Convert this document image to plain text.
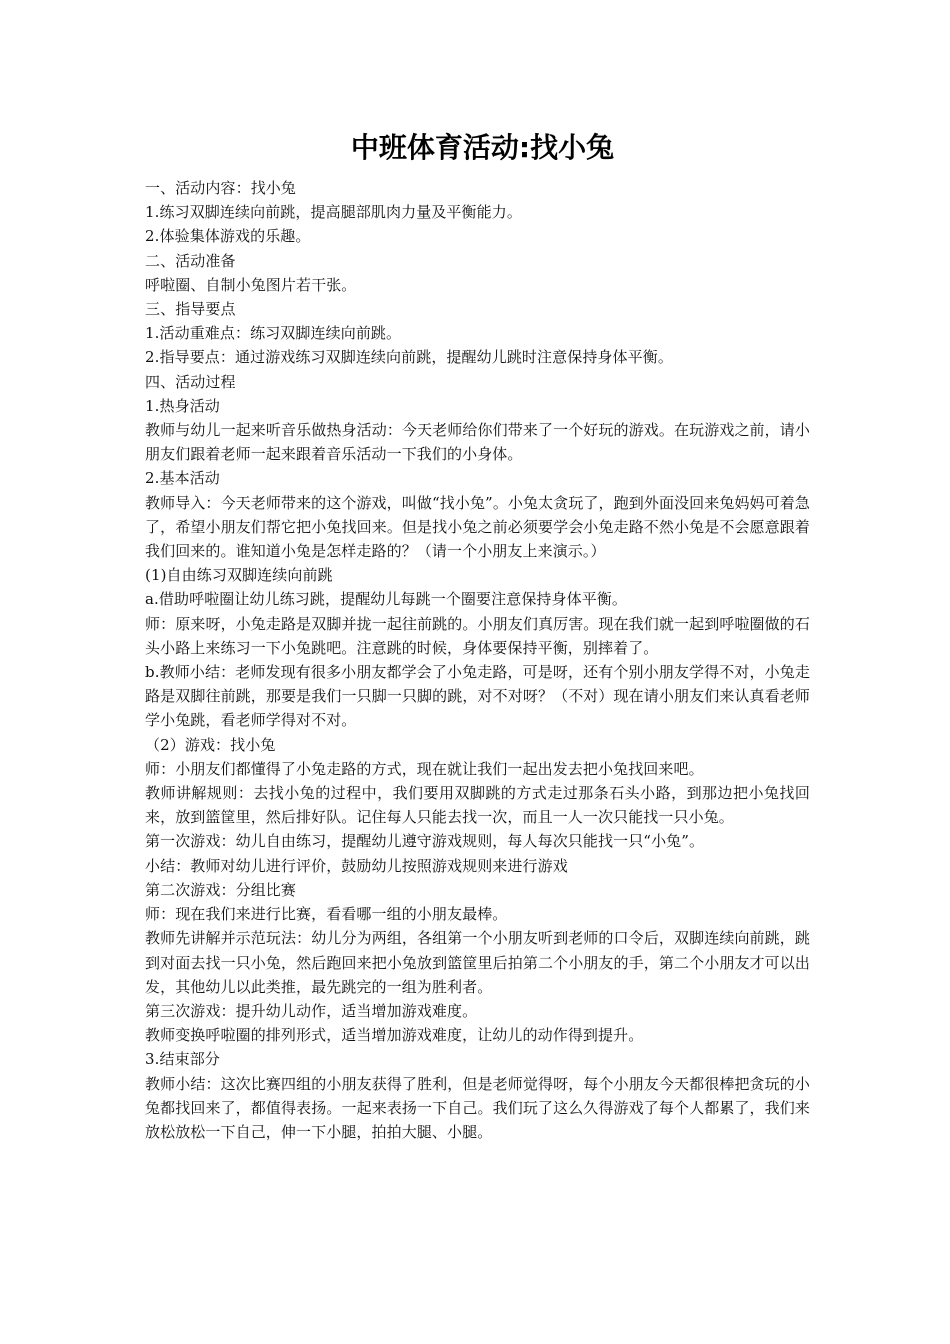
中班体育活动:找小兔

一、活动内容：找小兔

1.练习双脚连续向前跳，提高腿部肌肉力量及平衡能力。

2.体验集体游戏的乐趣。

二、活动准备

呼啦圈、自制小兔图片若干张。

三、指导要点

1.活动重难点：练习双脚连续向前跳。

2.指导要点：通过游戏练习双脚连续向前跳，提醒幼儿跳时注意保持身体平衡。

四、活动过程

1.热身活动

教师与幼儿一起来听音乐做热身活动：今天老师给你们带来了一个好玩的游戏。在玩游戏之前，请小朋友们跟着老师一起来跟着音乐活动一下我们的小身体。

2.基本活动

教师导入：今天老师带来的这个游戏，叫做“找小兔”。小兔太贪玩了，跑到外面没回来兔妈妈可着急了，希望小朋友们帮它把小兔找回来。但是找小兔之前必须要学会小兔走路不然小兔是不会愿意跟着我们回来的。谁知道小兔是怎样走路的？（请一个小朋友上来演示。）

(1)自由练习双脚连续向前跳

a.借助呼啦圈让幼儿练习跳，提醒幼儿每跳一个圈要注意保持身体平衡。

师：原来呀，小兔走路是双脚并拢一起往前跳的。小朋友们真厉害。现在我们就一起到呼啦圈做的石头小路上来练习一下小兔跳吧。注意跳的时候，身体要保持平衡，别摔着了。

b.教师小结：老师发现有很多小朋友都学会了小兔走路，可是呀，还有个别小朋友学得不对，小兔走路是双脚往前跳，那要是我们一只脚一只脚的跳，对不对呀？（不对）现在请小朋友们来认真看老师学小兔跳，看老师学得对不对。

（2）游戏：找小兔

师：小朋友们都懂得了小兔走路的方式，现在就让我们一起出发去把小兔找回来吧。

教师讲解规则：去找小兔的过程中，我们要用双脚跳的方式走过那条石头小路，到那边把小兔找回来，放到篮筐里，然后排好队。记住每人只能去找一次，而且一人一次只能找一只小兔。

第一次游戏：幼儿自由练习，提醒幼儿遵守游戏规则，每人每次只能找一只“小兔”。

小结：教师对幼儿进行评价，鼓励幼儿按照游戏规则来进行游戏

第二次游戏：分组比赛

师：现在我们来进行比赛，看看哪一组的小朋友最棒。

教师先讲解并示范玩法：幼儿分为两组，各组第一个小朋友听到老师的口令后，双脚连续向前跳，跳到对面去找一只小兔，然后跑回来把小兔放到篮筐里后拍第二个小朋友的手，第二个小朋友才可以出发，其他幼儿以此类推，最先跳完的一组为胜利者。

第三次游戏：提升幼儿动作，适当增加游戏难度。

教师变换呼啦圈的排列形式，适当增加游戏难度，让幼儿的动作得到提升。

3.结束部分

教师小结：这次比赛四组的小朋友获得了胜利，但是老师觉得呀，每个小朋友今天都很棒把贪玩的小兔都找回来了，都值得表扬。一起来表扬一下自己。我们玩了这么久得游戏了每个人都累了，我们来放松放松一下自己，伸一下小腿，拍拍大腿、小腿。
